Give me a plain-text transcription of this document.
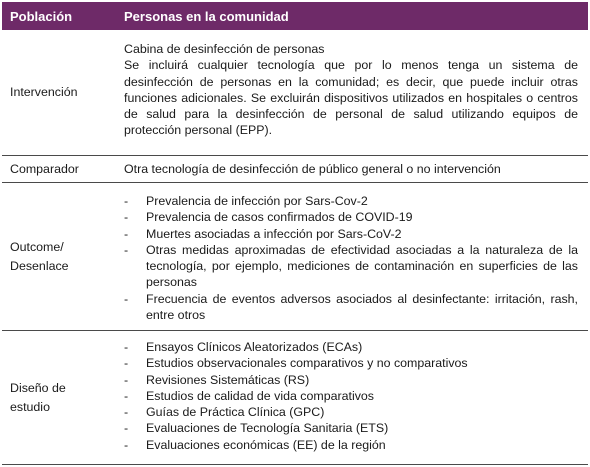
Población	Personas en la comunidad
Intervención
Cabina de desinfección de personas
Se incluirá cualquier tecnología que por lo menos tenga un sistema de desinfección de personas en la comunidad; es decir, que puede incluir otras funciones adicionales. Se excluirán dispositivos utilizados en hospitales o centros de salud para la desinfección de personal de salud utilizando equipos de protección personal (EPP).
Comparador	Otra tecnología de desinfección de público general o no intervención
Outcome/
Desenlace
- Prevalencia de infección por Sars-Cov-2
- Prevalencia de casos confirmados de COVID-19
- Muertes asociadas a infección por Sars-CoV-2
- Otras medidas aproximadas de efectividad asociadas a la naturaleza de la tecnología, por ejemplo, mediciones de contaminación en superficies de las personas
- Frecuencia de eventos adversos asociados al desinfectante: irritación, rash, entre otros
Diseño de
estudio
- Ensayos Clínicos Aleatorizados (ECAs)
- Estudios observacionales comparativos y no comparativos
- Revisiones Sistemáticas (RS)
- Estudios de calidad de vida comparativos
- Guías de Práctica Clínica (GPC)
- Evaluaciones de Tecnología Sanitaria (ETS)
- Evaluaciones económicas (EE) de la región
